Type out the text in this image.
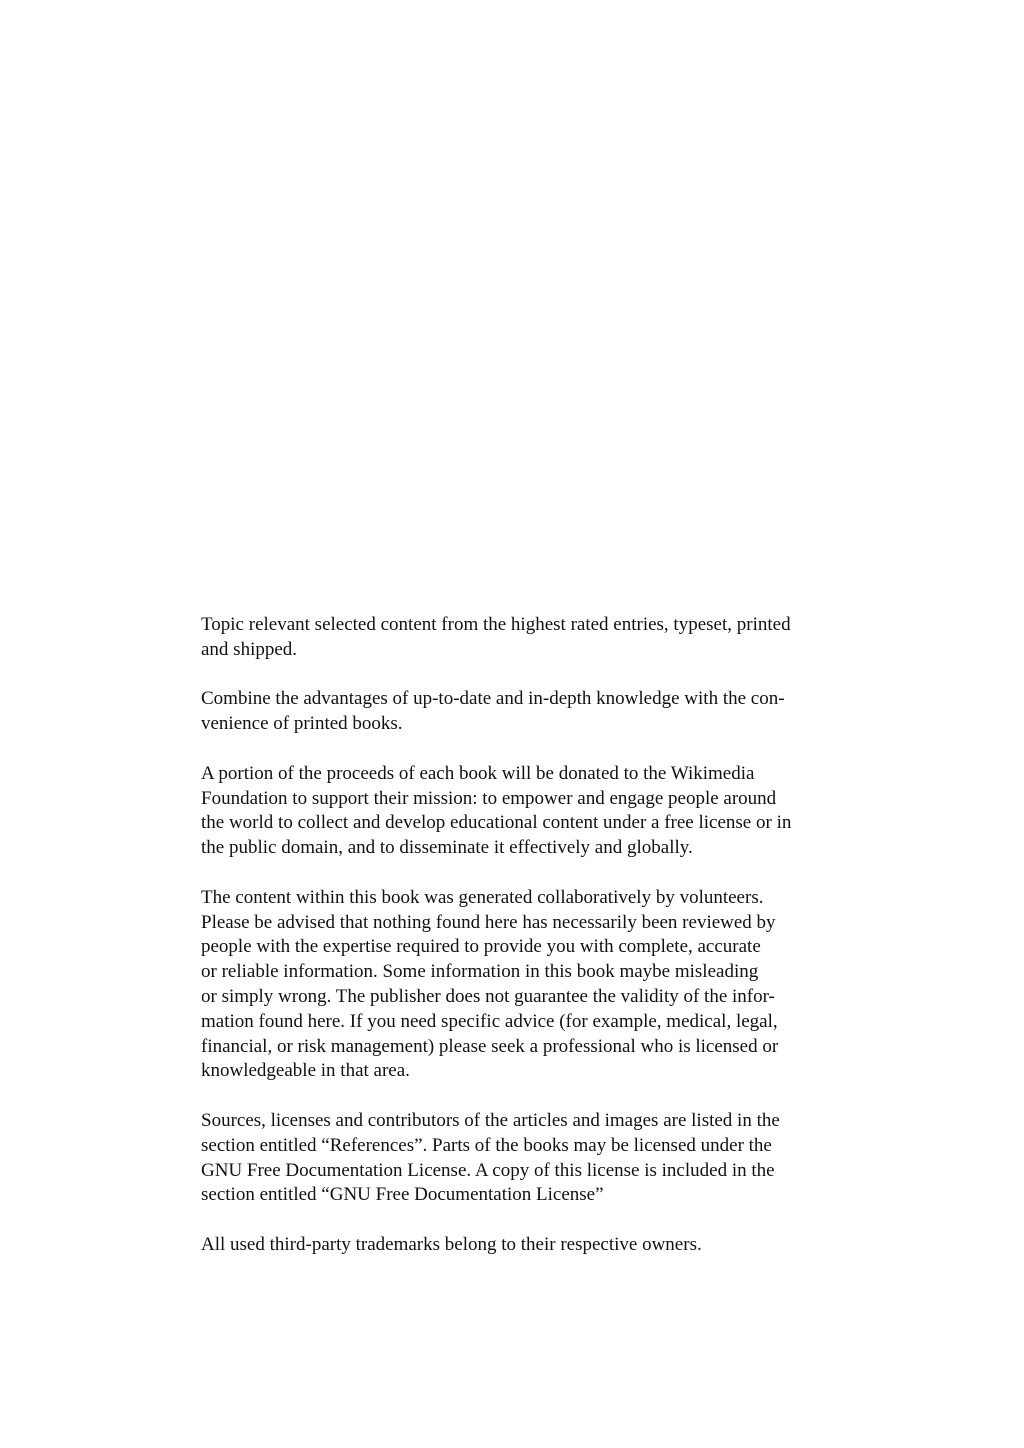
Topic relevant selected content from the highest rated entries, typeset, printed
and shipped.

Combine the advantages of up-to-date and in-depth knowledge with the con-
venience of printed books.

A portion of the proceeds of each book will be donated to the Wikimedia
Foundation to support their mission: to empower and engage people around
the world to collect and develop educational content under a free license or in
the public domain, and to disseminate it effectively and globally.

The content within this book was generated collaboratively by volunteers.
Please be advised that nothing found here has necessarily been reviewed by
people with the expertise required to provide you with complete, accurate
or reliable information. Some information in this book maybe misleading
or simply wrong. The publisher does not guarantee the validity of the infor-
mation found here. If you need specific advice (for example, medical, legal,
financial, or risk management) please seek a professional who is licensed or
knowledgeable in that area.

Sources, licenses and contributors of the articles and images are listed in the
section entitled “References”. Parts of the books may be licensed under the
GNU Free Documentation License. A copy of this license is included in the
section entitled “GNU Free Documentation License”

All used third-party trademarks belong to their respective owners.
